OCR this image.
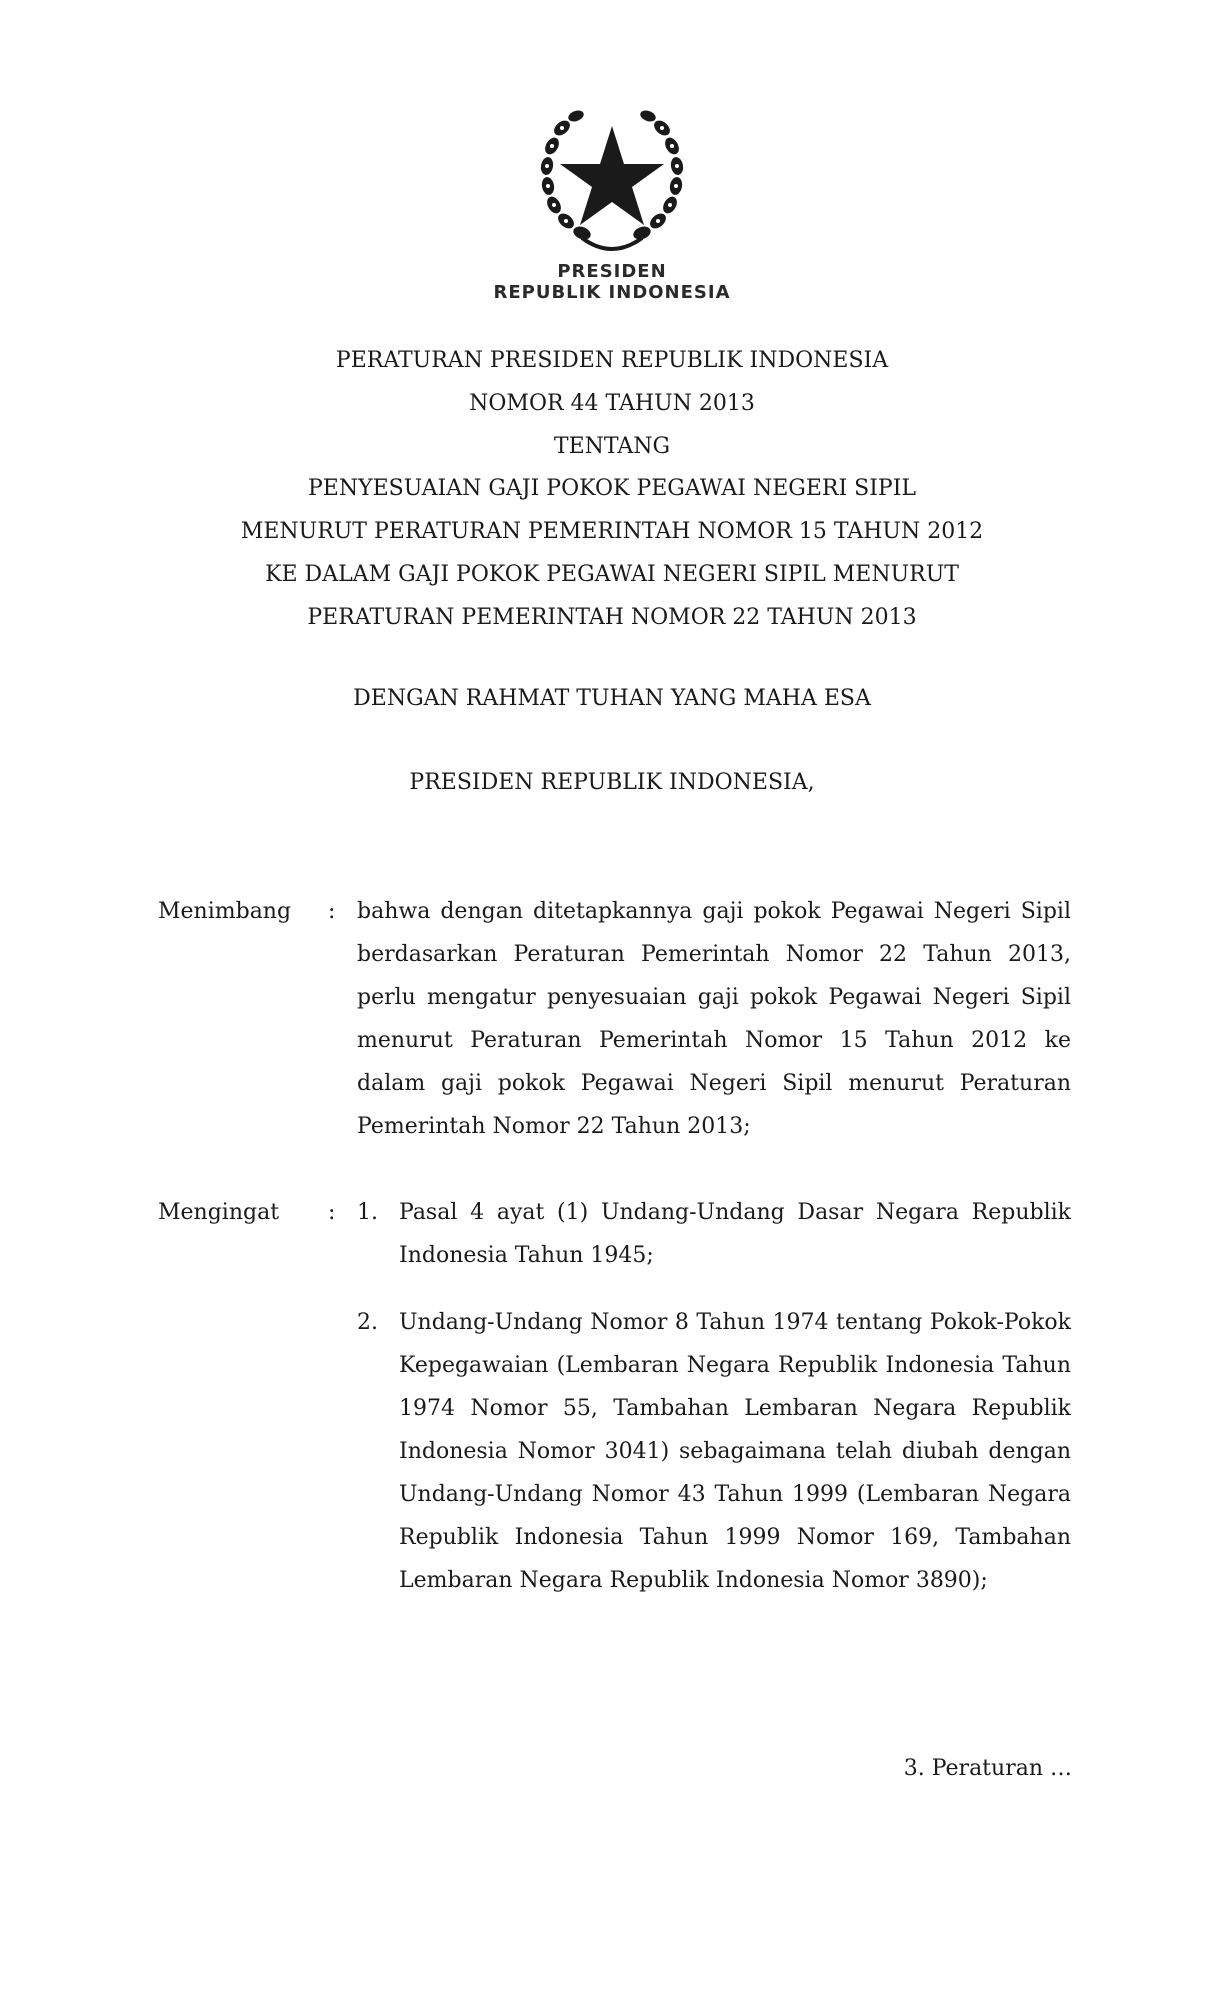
PRESIDEN
REPUBLIK INDONESIA
PERATURAN PRESIDEN REPUBLIK INDONESIA
NOMOR 44 TAHUN 2013
TENTANG
PENYESUAIAN GAJI POKOK PEGAWAI NEGERI SIPIL
MENURUT PERATURAN PEMERINTAH NOMOR 15 TAHUN 2012
KE DALAM GAJI POKOK PEGAWAI NEGERI SIPIL MENURUT
PERATURAN PEMERINTAH NOMOR 22 TAHUN 2013
DENGAN RAHMAT TUHAN YANG MAHA ESA
PRESIDEN REPUBLIK INDONESIA,
Menimbang : bahwa dengan ditetapkannya gaji pokok Pegawai Negeri Sipil berdasarkan Peraturan Pemerintah Nomor 22 Tahun 2013, perlu mengatur penyesuaian gaji pokok Pegawai Negeri Sipil menurut Peraturan Pemerintah Nomor 15 Tahun 2012 ke dalam gaji pokok Pegawai Negeri Sipil menurut Peraturan Pemerintah Nomor 22 Tahun 2013;
Mengingat : 1. Pasal 4 ayat (1) Undang-Undang Dasar Negara Republik Indonesia Tahun 1945;
2. Undang-Undang Nomor 8 Tahun 1974 tentang Pokok-Pokok Kepegawaian (Lembaran Negara Republik Indonesia Tahun 1974 Nomor 55, Tambahan Lembaran Negara Republik Indonesia Nomor 3041) sebagaimana telah diubah dengan Undang-Undang Nomor 43 Tahun 1999 (Lembaran Negara Republik Indonesia Tahun 1999 Nomor 169, Tambahan Lembaran Negara Republik Indonesia Nomor 3890);
3. Peraturan …
